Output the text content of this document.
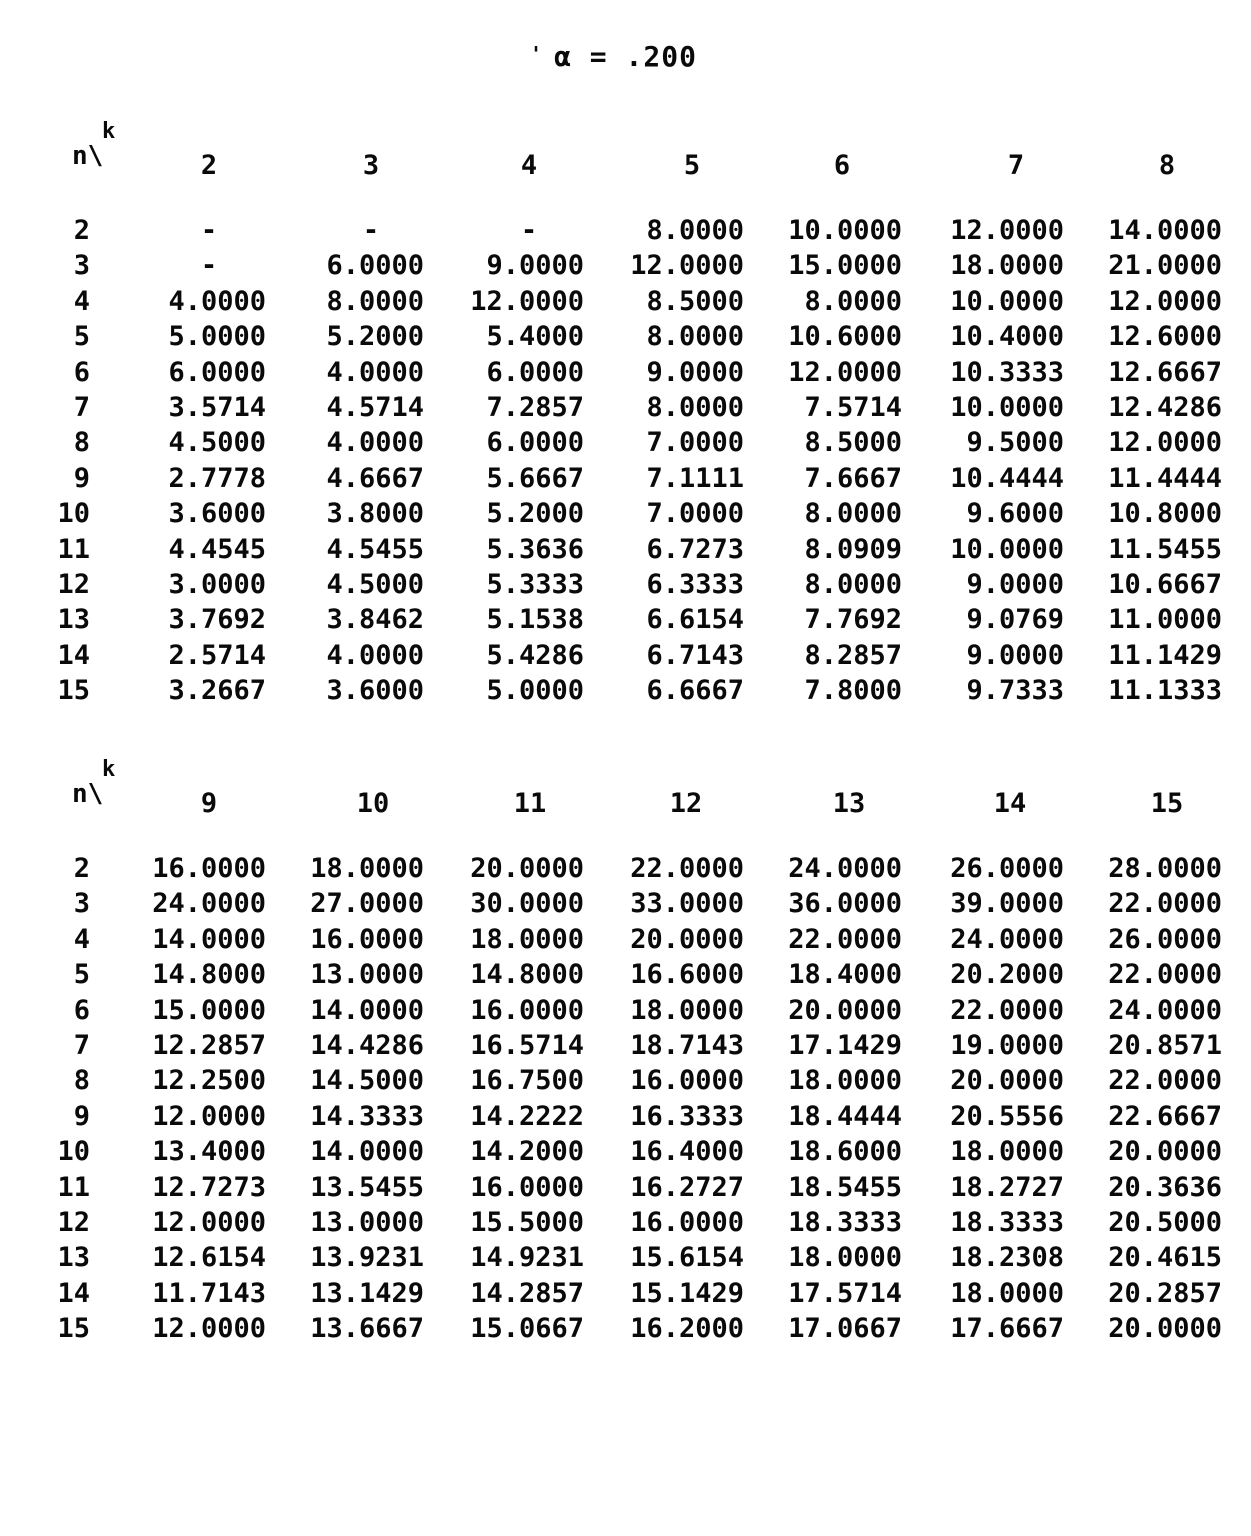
' α = .200
n\
k
2	3	4	5	6	7	8
2	-	-	-	8.0000	10.0000	12.0000	14.0000
3	-	6.0000	9.0000	12.0000	15.0000	18.0000	21.0000
4	4.0000	8.0000	12.0000	8.5000	8.0000	10.0000	12.0000
5	5.0000	5.2000	5.4000	8.0000	10.6000	10.4000	12.6000
6	6.0000	4.0000	6.0000	9.0000	12.0000	10.3333	12.6667
7	3.5714	4.5714	7.2857	8.0000	7.5714	10.0000	12.4286
8	4.5000	4.0000	6.0000	7.0000	8.5000	9.5000	12.0000
9	2.7778	4.6667	5.6667	7.1111	7.6667	10.4444	11.4444
10	3.6000	3.8000	5.2000	7.0000	8.0000	9.6000	10.8000
11	4.4545	4.5455	5.3636	6.7273	8.0909	10.0000	11.5455
12	3.0000	4.5000	5.3333	6.3333	8.0000	9.0000	10.6667
13	3.7692	3.8462	5.1538	6.6154	7.7692	9.0769	11.0000
14	2.5714	4.0000	5.4286	6.7143	8.2857	9.0000	11.1429
15	3.2667	3.6000	5.0000	6.6667	7.8000	9.7333	11.1333
n\
k
9	10	11	12	13	14	15
2	16.0000	18.0000	20.0000	22.0000	24.0000	26.0000	28.0000
3	24.0000	27.0000	30.0000	33.0000	36.0000	39.0000	22.0000
4	14.0000	16.0000	18.0000	20.0000	22.0000	24.0000	26.0000
5	14.8000	13.0000	14.8000	16.6000	18.4000	20.2000	22.0000
6	15.0000	14.0000	16.0000	18.0000	20.0000	22.0000	24.0000
7	12.2857	14.4286	16.5714	18.7143	17.1429	19.0000	20.8571
8	12.2500	14.5000	16.7500	16.0000	18.0000	20.0000	22.0000
9	12.0000	14.3333	14.2222	16.3333	18.4444	20.5556	22.6667
10	13.4000	14.0000	14.2000	16.4000	18.6000	18.0000	20.0000
11	12.7273	13.5455	16.0000	16.2727	18.5455	18.2727	20.3636
12	12.0000	13.0000	15.5000	16.0000	18.3333	18.3333	20.5000
13	12.6154	13.9231	14.9231	15.6154	18.0000	18.2308	20.4615
14	11.7143	13.1429	14.2857	15.1429	17.5714	18.0000	20.2857
15	12.0000	13.6667	15.0667	16.2000	17.0667	17.6667	20.0000
